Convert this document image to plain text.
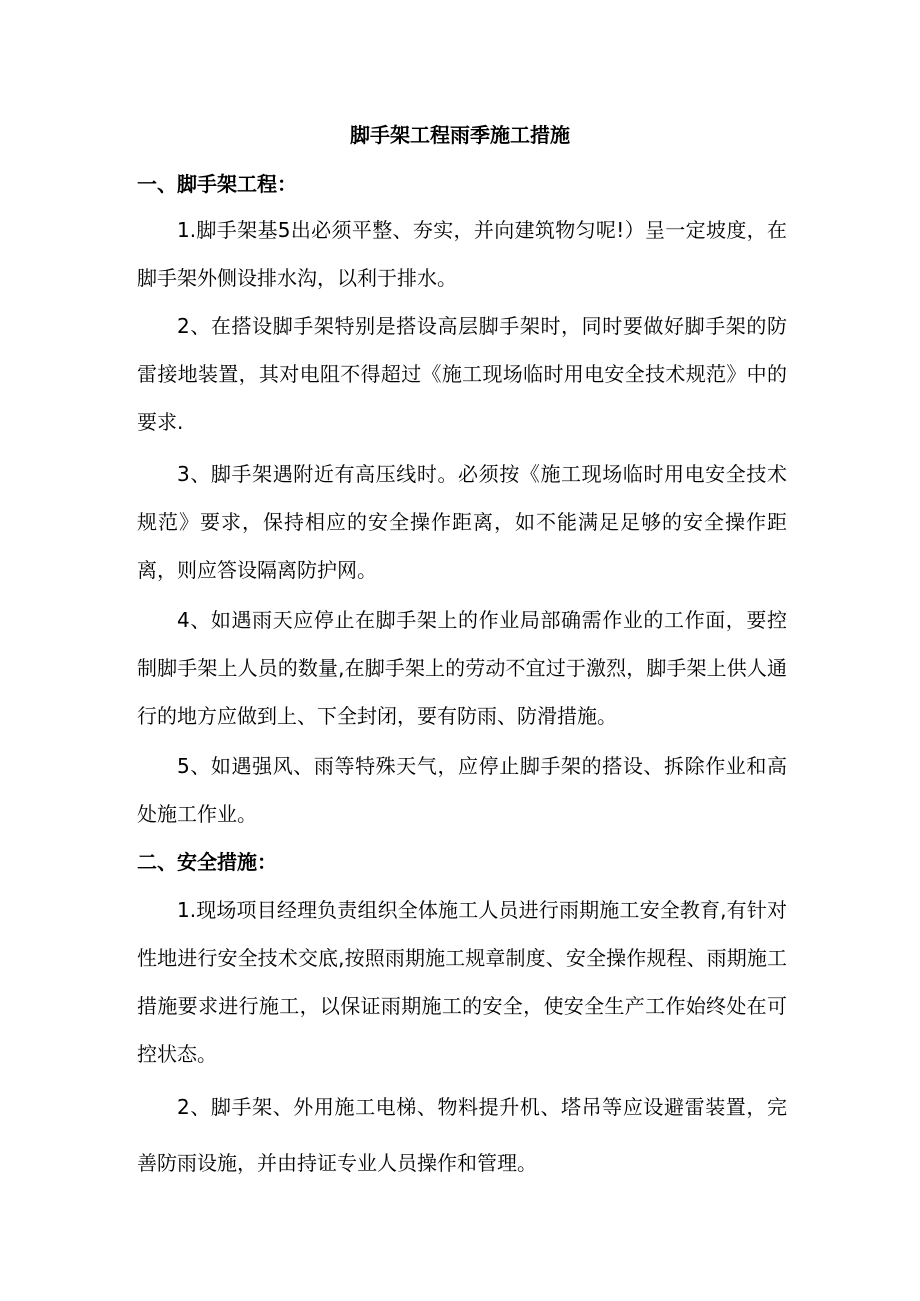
脚手架工程雨季施工措施
一、脚手架工程：
1.脚手架基5出必须平整、夯实，并向建筑物匀呢!）呈一定坡度，在脚手架外侧设排水沟，以利于排水。
2、在搭设脚手架特别是搭设高层脚手架时，同时要做好脚手架的防雷接地装置，其对电阻不得超过《施工现场临时用电安全技术规范》中的要求.
3、脚手架遇附近有高压线时。必须按《施工现场临时用电安全技术规范》要求，保持相应的安全操作距离，如不能满足足够的安全操作距离，则应答设隔离防护网。
4、如遇雨天应停止在脚手架上的作业局部确需作业的工作面，要控制脚手架上人员的数量,在脚手架上的劳动不宜过于激烈，脚手架上供人通行的地方应做到上、下全封闭，要有防雨、防滑措施。
5、如遇强风、雨等特殊天气，应停止脚手架的搭设、拆除作业和高处施工作业。
二、安全措施：
1.现场项目经理负责组织全体施工人员进行雨期施工安全教育,有针对性地进行安全技术交底,按照雨期施工规章制度、安全操作规程、雨期施工措施要求进行施工，以保证雨期施工的安全，使安全生产工作始终处在可控状态。
2、脚手架、外用施工电梯、物料提升机、塔吊等应设避雷装置，完善防雨设施，并由持证专业人员操作和管理。
